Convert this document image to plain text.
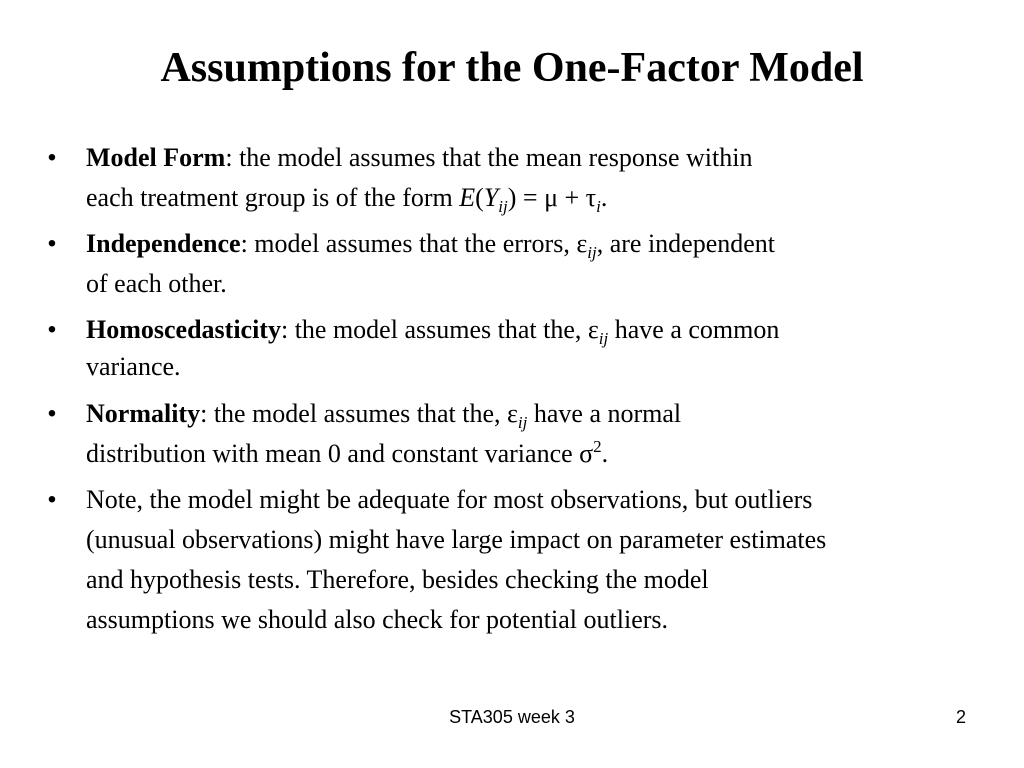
Assumptions for the One-Factor Model
• Model Form: the model assumes that the mean response within
each treatment group is of the form $E(Y_{ij}) = \mu + \tau_i$.
• Independence: model assumes that the errors, $\varepsilon_{ij}$, are independent
of each other.
• Homoscedasticity: the model assumes that the, $\varepsilon_{ij}$ have a common
variance.
• Normality: the model assumes that the, $\varepsilon_{ij}$ have a normal
distribution with mean 0 and constant variance $\sigma^2$.
• Note, the model might be adequate for most observations, but outliers
(unusual observations) might have large impact on parameter estimates
and hypothesis tests. Therefore, besides checking the model
assumptions we should also check for potential outliers.
STA305 week 3	2
